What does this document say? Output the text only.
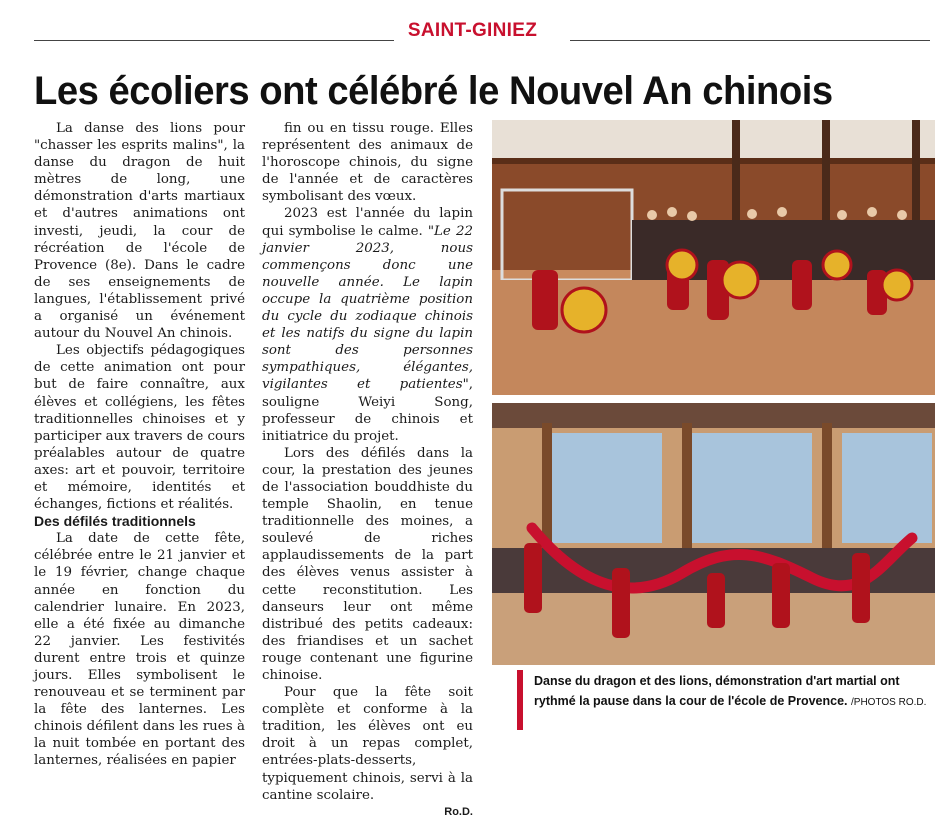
SAINT-GINIEZ
Les écoliers ont célébré le Nouvel An chinois

La danse des lions pour "chasser les esprits malins", la danse du dragon de huit mètres de long, une démonstration d'arts martiaux et d'autres animations ont investi, jeudi, la cour de récréation de l'école de Provence (8e). Dans le cadre de ses enseignements de langues, l'établissement privé a organisé un événement autour du Nouvel An chinois.

Les objectifs pédagogiques de cette animation ont pour but de faire connaître, aux élèves et collégiens, les fêtes traditionnelles chinoises et y participer aux travers de cours préalables autour de quatre axes: art et pouvoir, territoire et mémoire, identités et échanges, fictions et réalités.

Des défilés traditionnels

La date de cette fête, célébrée entre le 21 janvier et le 19 février, change chaque année en fonction du calendrier lunaire. En 2023, elle a été fixée au dimanche 22 janvier. Les festivités durent entre trois et quinze jours. Elles symbolisent le renouveau et se terminent par la fête des lanternes. Les chinois défilent dans les rues à la nuit tombée en portant des lanternes, réalisées en papier

fin ou en tissu rouge. Elles représentent des animaux de l'horoscope chinois, du signe de l'année et de caractères symbolisant des vœux.

2023 est l'année du lapin qui symbolise le calme. "Le 22 janvier 2023, nous commençons donc une nouvelle année. Le lapin occupe la quatrième position du cycle du zodiaque chinois et les natifs du signe du lapin sont des personnes sympathiques, élégantes, vigilantes et patientes", souligne Weiyi Song, professeur de chinois et initiatrice du projet.

Lors des défilés dans la cour, la prestation des jeunes de l'association bouddhiste du temple Shaolin, en tenue traditionnelle des moines, a soulevé de riches applaudissements de la part des élèves venus assister à cette reconstitution. Les danseurs leur ont même distribué des petits cadeaux: des friandises et un sachet rouge contenant une figurine chinoise.

Pour que la fête soit complète et conforme à la tradition, les élèves ont eu droit à un repas complet, entrées-plats-desserts, typiquement chinois, servi à la cantine scolaire.

Ro.D.

Danse du dragon et des lions, démonstration d'art martial ont rythmé la pause dans la cour de l'école de Provence. /PHOTOS RO.D.
